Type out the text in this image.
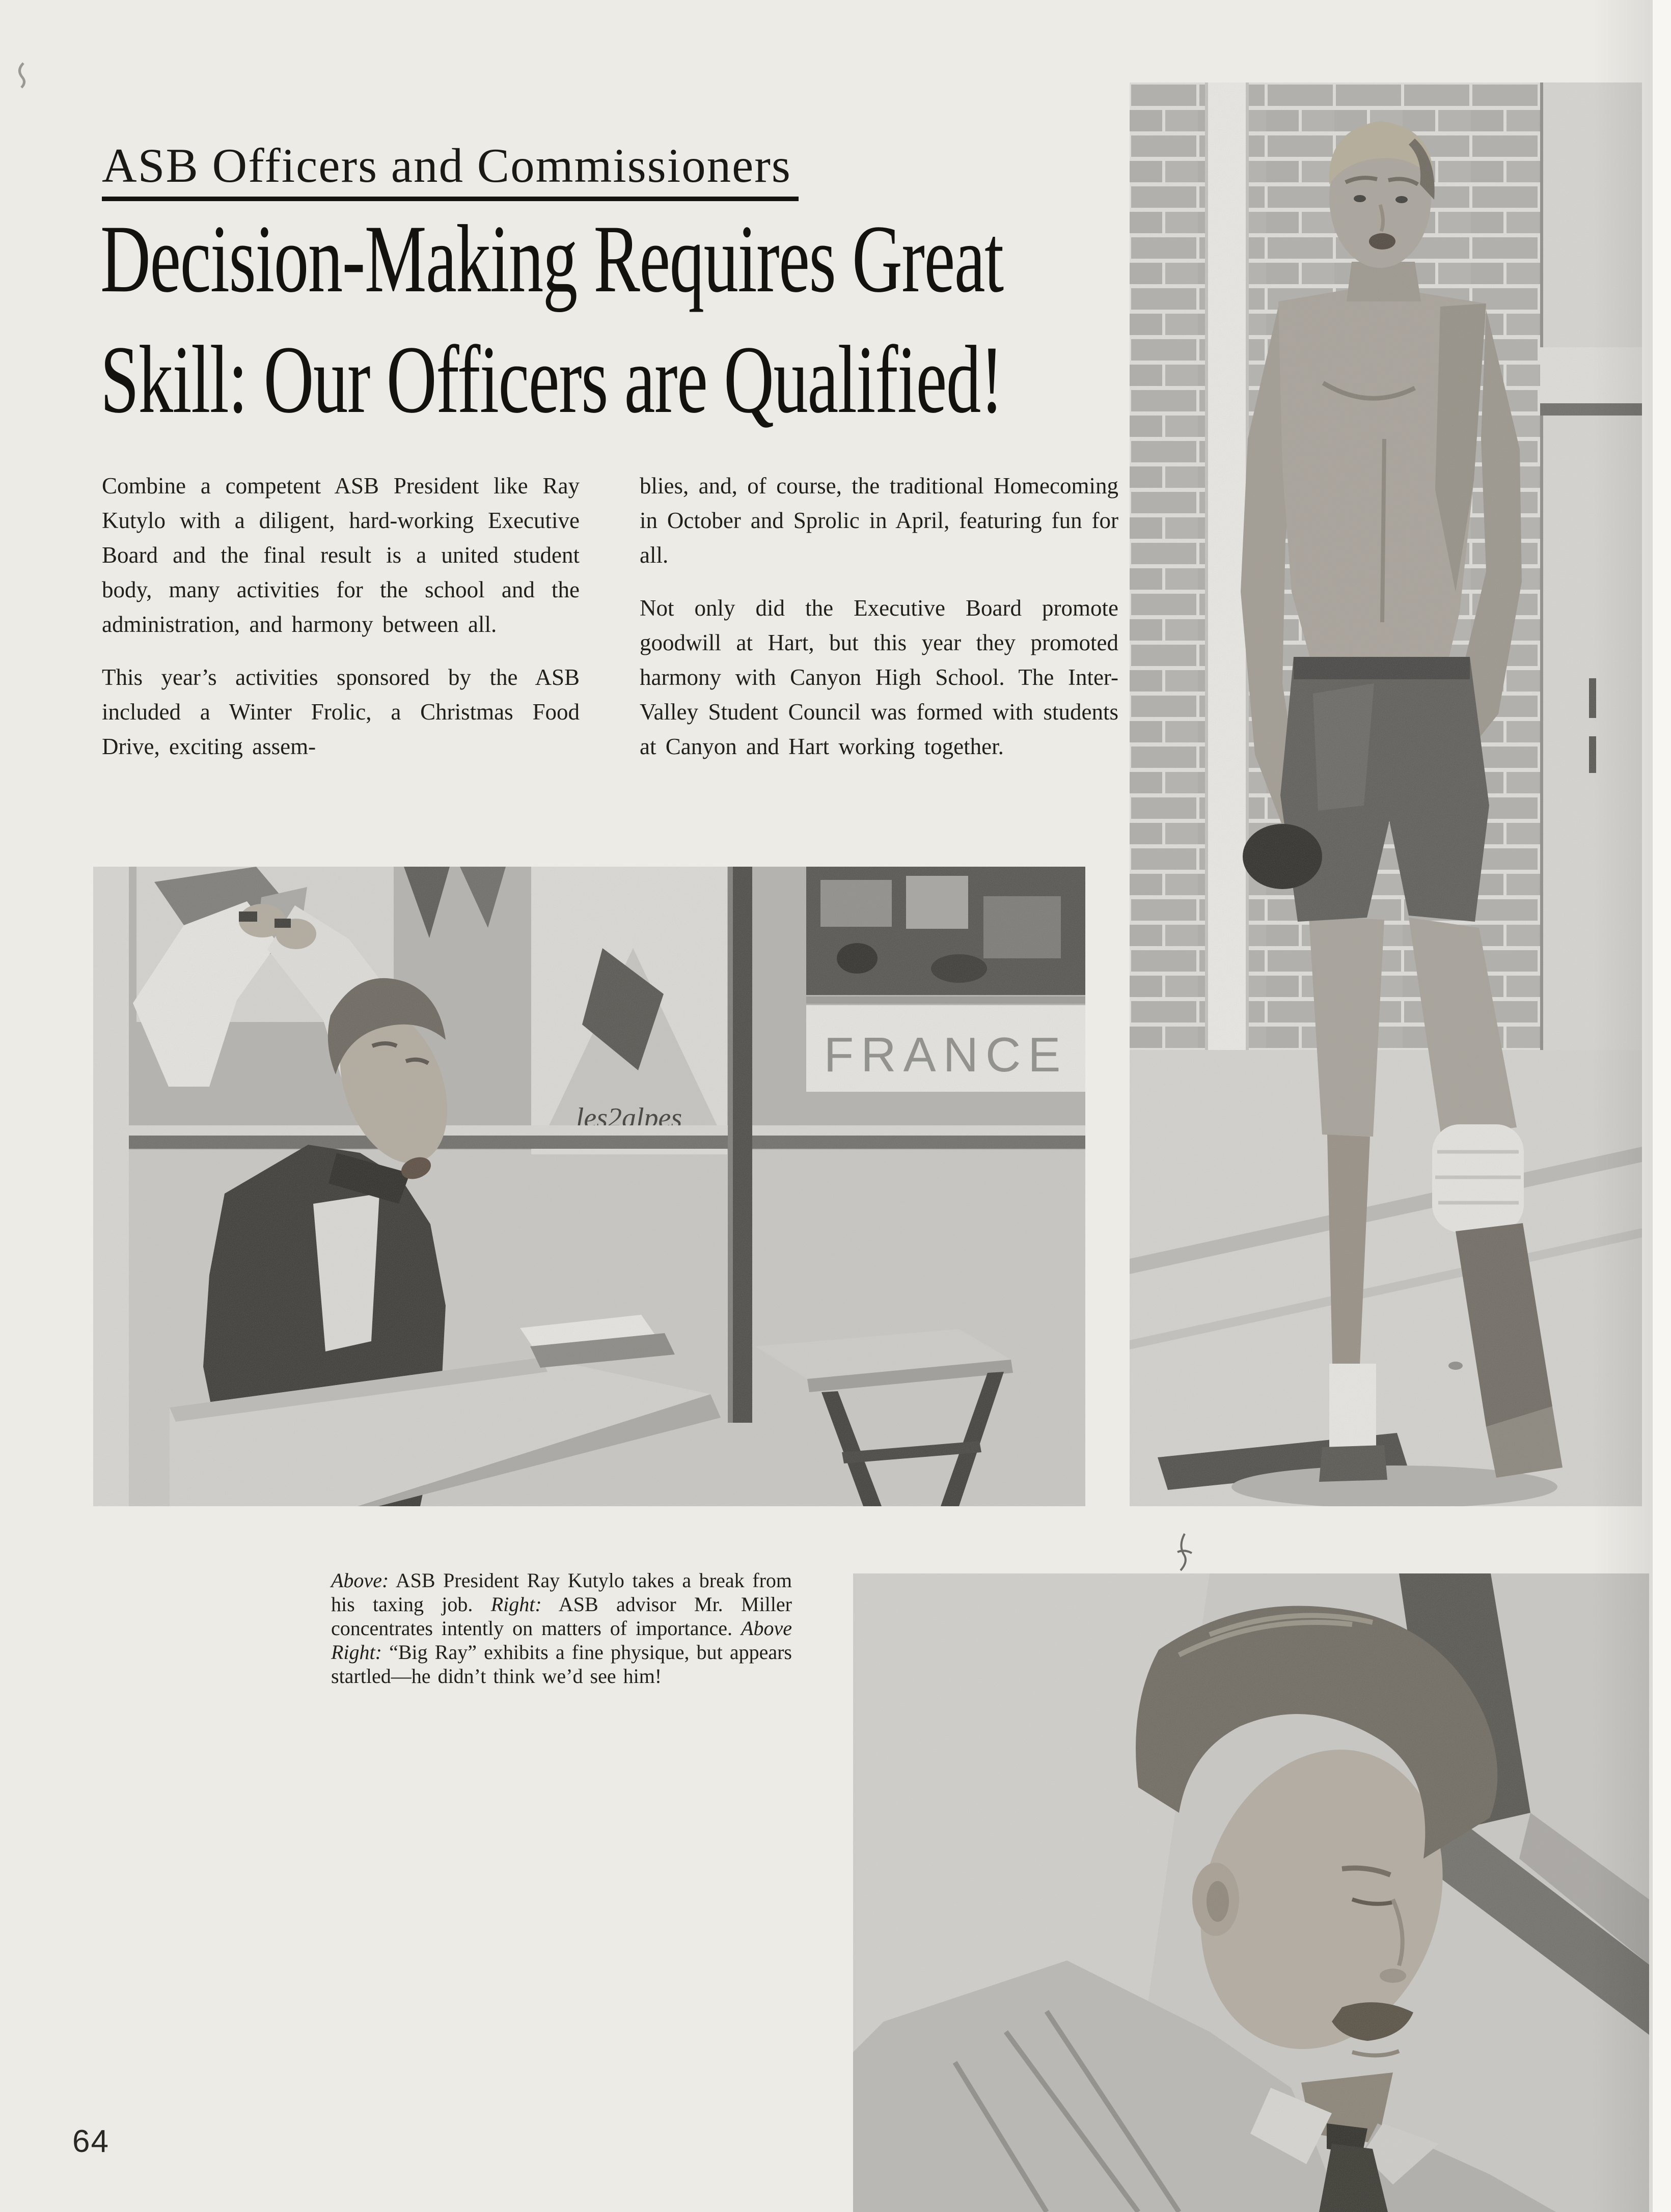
ASB Officers and Commissioners
Decision-Making Requires Great
Skill: Our Officers are Qualified!

Combine a competent ASB President like Ray Kutylo with a diligent, hard-working Executive Board and the final result is a united student body, many activities for the school and the administration, and harmony between all.

This year’s activities sponsored by the ASB included a Winter Frolic, a Christmas Food Drive, exciting assem-

blies, and, of course, the traditional Homecoming in October and Sprolic in April, featuring fun for all.

Not only did the Executive Board promote goodwill at Hart, but this year they promoted harmony with Canyon High School. The Inter-Valley Student Council was formed with students at Canyon and Hart working together.

Above: ASB President Ray Kutylo takes a break from his taxing job. Right: ASB advisor Mr. Miller concentrates intently on matters of importance. Above Right: “Big Ray” exhibits a fine physique, but appears startled—he didn’t think we’d see him!

64
